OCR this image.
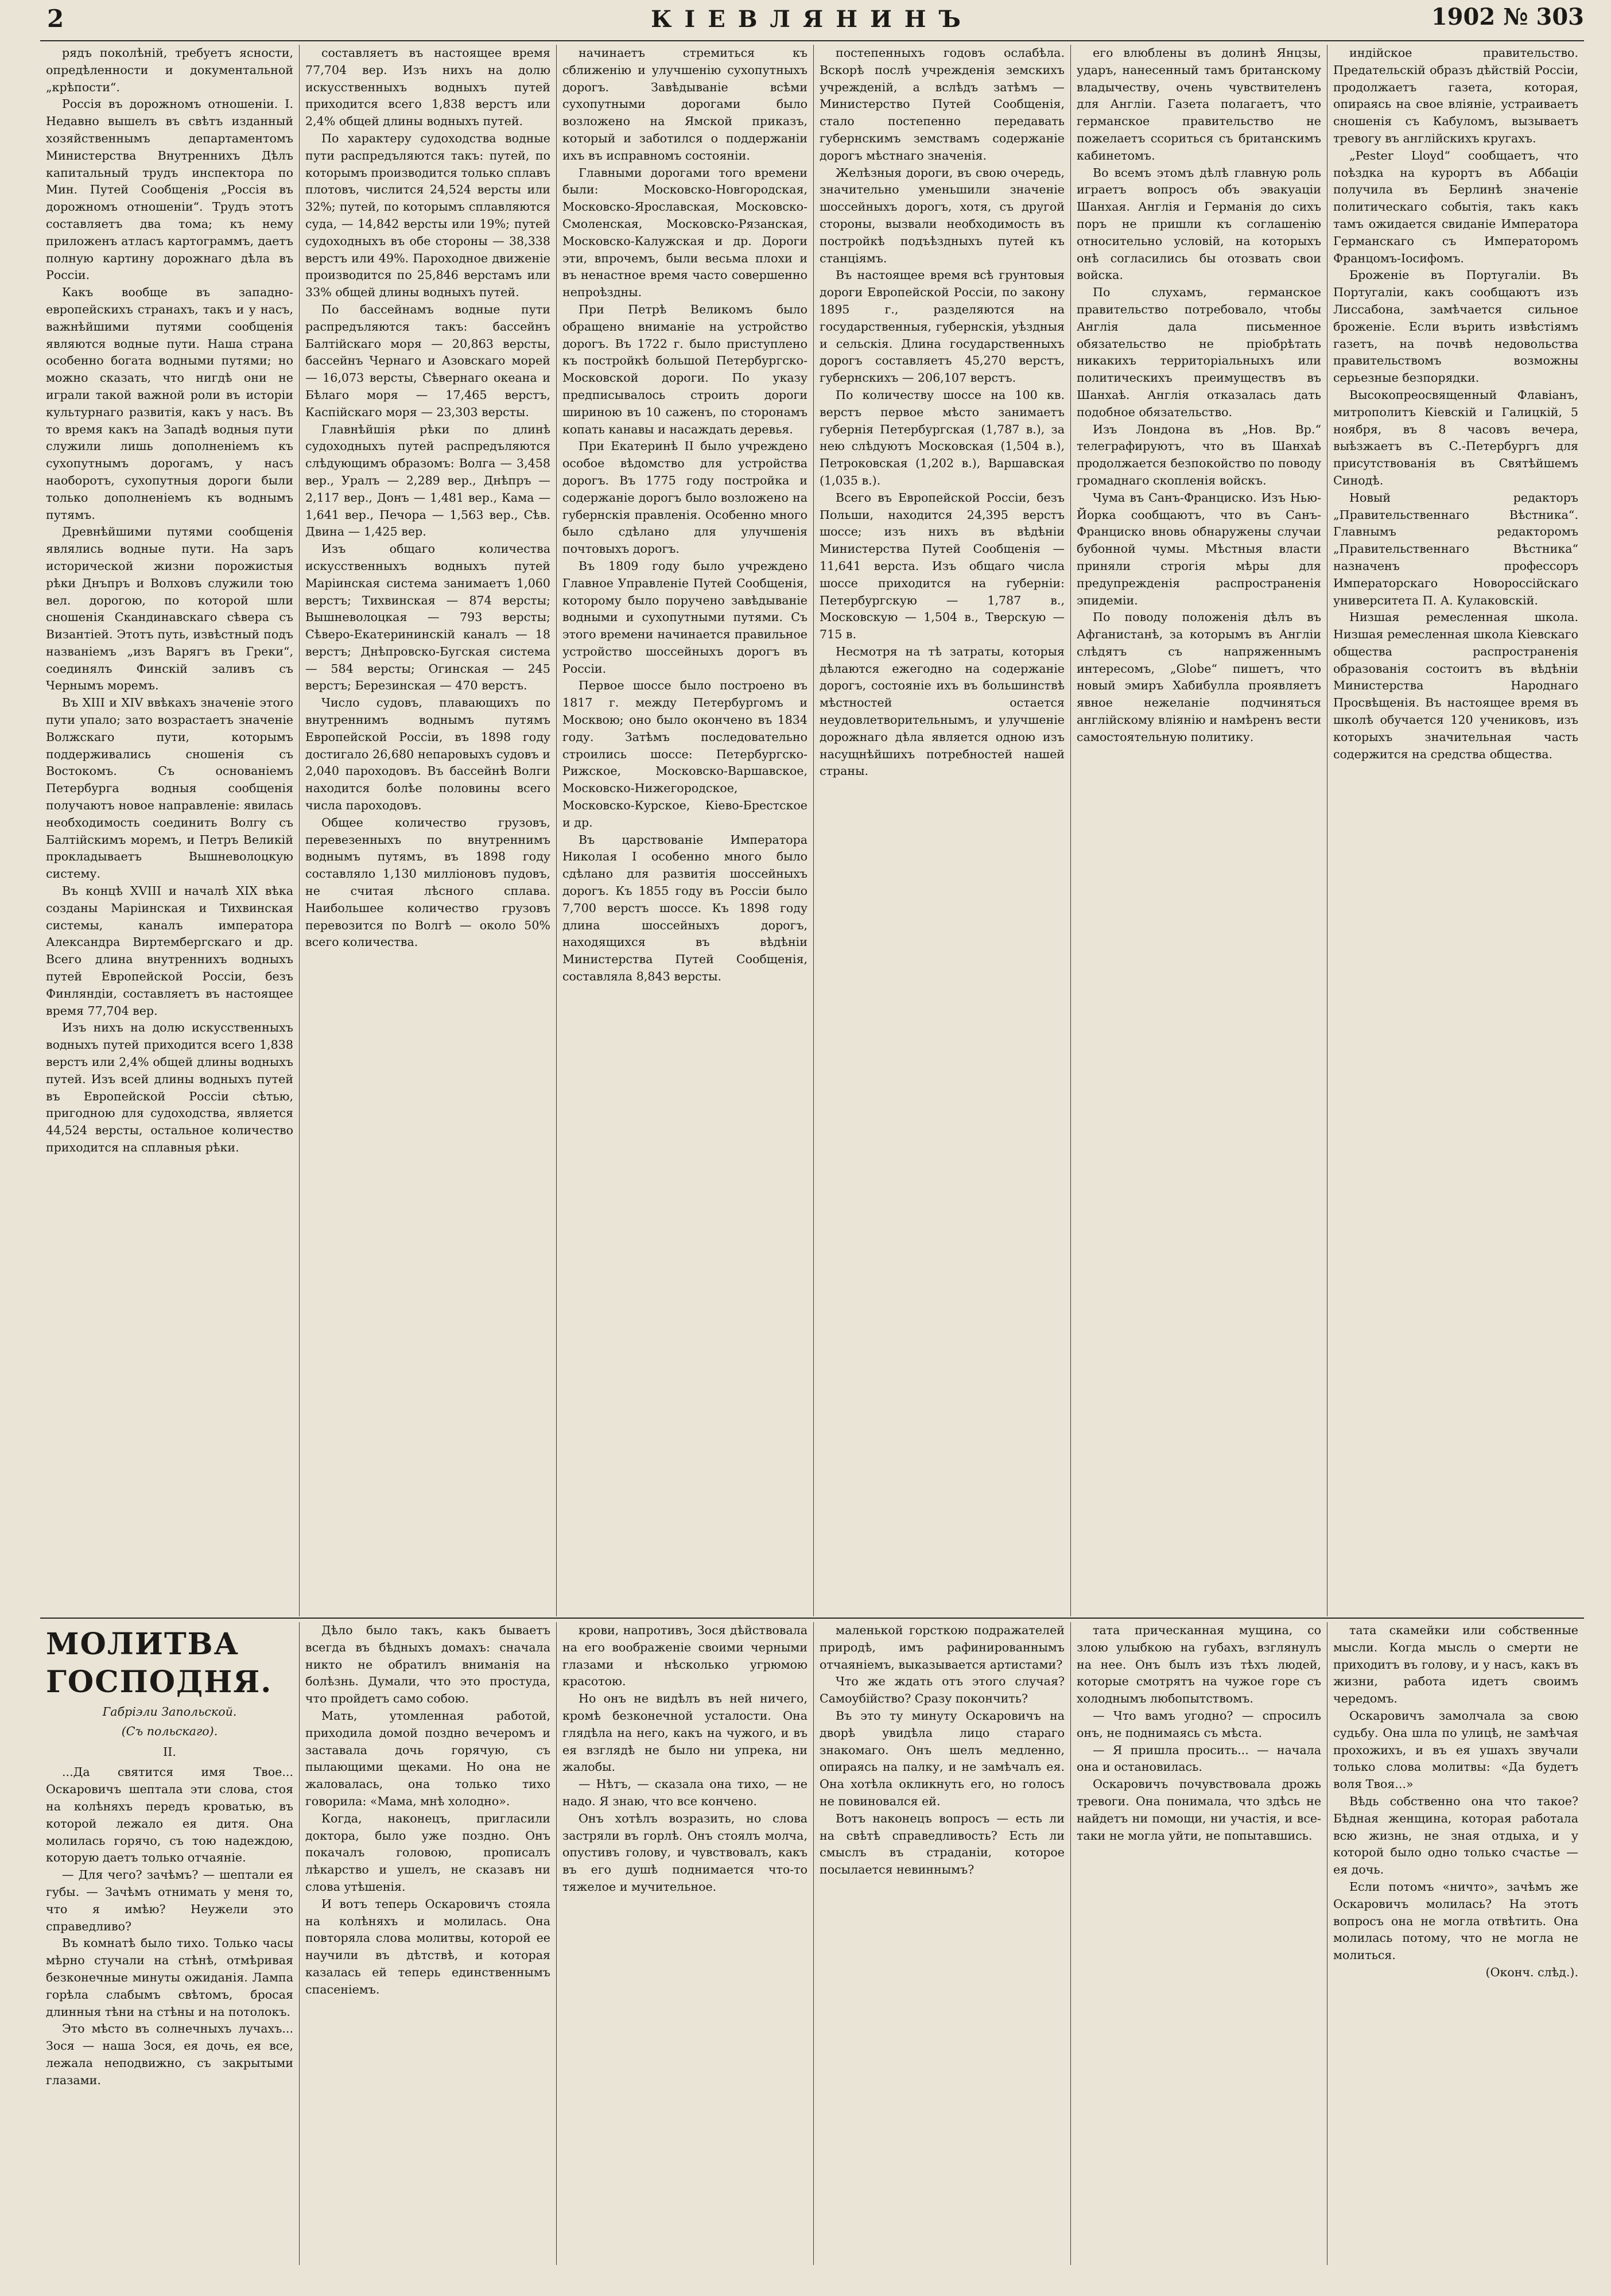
2	КІЕВЛЯНИНЪ	1902 № 303

рядъ поколѣній, требуетъ ясности, опредѣленности и документальной „крѣпости“.

Россія въ дорожномъ отношеніи. I. Недавно вышелъ въ свѣтъ изданный хозяйственнымъ департаментомъ Министерства Внутреннихъ Дѣлъ капитальный трудъ инспектора по Мин. Путей Сообщенія „Россія въ дорожномъ отношеніи“. Трудъ этотъ составляетъ два тома; къ нему приложенъ атласъ картограммъ, даетъ полную картину дорожнаго дѣла въ Россіи.

Какъ вообще въ западно-европейскихъ странахъ, такъ и у насъ, важнѣйшими путями сообщенія являются водные пути. Наша страна особенно богата водными путями; но можно сказать, что нигдѣ они не играли такой важной роли въ исторіи культурнаго развитія, какъ у насъ. Въ то время какъ на Западѣ водныя пути служили лишь дополненіемъ къ сухопутнымъ дорогамъ, у насъ наоборотъ, сухопутныя дороги были только дополненіемъ къ воднымъ путямъ.

Древнѣйшими путями сообщенія являлись водные пути. На заръ исторической жизни порожистыя рѣки Днъпръ и Волховъ служили тою вел. дорогою, по которой шли сношенія Скандинавскаго сѣвера съ Византіей. Этотъ путь, извѣстный подъ названіемъ „изъ Варягъ въ Греки“, соединялъ Финскій заливъ съ Чернымъ моремъ.

Въ XIII и XIV ввѣкахъ значеніе этого пути упало; зато возрастаетъ значеніе Волжскаго пути, которымъ поддерживались сношенія съ Востокомъ. Съ основаніемъ Петербурга водныя сообщенія получаютъ новое направленіе: явилась необходимость соединить Волгу съ Балтійскимъ моремъ, и Петръ Великій прокладываетъ Вышневолоцкую систему.

Въ концѣ XVIII и началѣ XIX вѣка созданы Маріинская и Тихвинская системы, каналъ императора Александра Виртембергскаго и др. Всего длина внутреннихъ водныхъ путей Европейской Россіи, безъ Финляндіи, составляетъ въ настоящее время 77,704 вер.

Изъ нихъ на долю искусственныхъ водныхъ путей приходится всего 1,838 верстъ или 2,4% общей длины водныхъ путей. Изъ всей длины водныхъ путей въ Европейской Россіи сѣтью, пригодною для судоходства, является 44,524 версты, остальное количество приходится на сплавныя рѣки.

составляетъ въ настоящее время 77,704 вер. Изъ нихъ на долю искусственныхъ водныхъ путей приходится всего 1,838 верстъ или 2,4% общей длины водныхъ путей.

По характеру судоходства водные пути распредъляются такъ: путей, по которымъ производится только сплавъ плотовъ, числится 24,524 версты или 32%; путей, по которымъ сплавляются суда, — 14,842 версты или 19%; путей судоходныхъ въ обе стороны — 38,338 верстъ или 49%. Пароходное движеніе производится по 25,846 верстамъ или 33% общей длины водныхъ путей.

По бассейнамъ водные пути распредъляются такъ: бассейнъ Балтійскаго моря — 20,863 версты, бассейнъ Чернаго и Азовскаго морей — 16,073 версты, Сѣвернаго океана и Бѣлаго моря — 17,465 верстъ, Каспійскаго моря — 23,303 версты.

Главнѣйшія рѣки по длинѣ судоходныхъ путей распредъляются слѣдующимъ образомъ: Волга — 3,458 вер., Уралъ — 2,289 вер., Днѣпръ — 2,117 вер., Донъ — 1,481 вер., Кама — 1,641 вер., Печора — 1,563 вер., Сѣв. Двина — 1,425 вер.

Изъ общаго количества искусственныхъ водныхъ путей Маріинская система занимаетъ 1,060 верстъ; Тихвинская — 874 версты; Вышневолоцкая — 793 версты; Сѣверо-Екатерининскій каналъ — 18 верстъ; Днѣпровско-Бугская система — 584 версты; Огинская — 245 верстъ; Березинская — 470 верстъ.

Число судовъ, плавающихъ по внутреннимъ воднымъ путямъ Европейской Россіи, въ 1898 году достигало 26,680 непаровыхъ судовъ и 2,040 пароходовъ. Въ бассейнѣ Волги находится болѣе половины всего числа пароходовъ.

Общее количество грузовъ, перевезенныхъ по внутреннимъ воднымъ путямъ, въ 1898 году составляло 1,130 милліоновъ пудовъ, не считая лѣсного сплава. Наибольшее количество грузовъ перевозится по Волгѣ — около 50% всего количества.

начинаетъ стремиться къ сближенію и улучшенію сухопутныхъ дорогъ. Завѣдываніе всѣми сухопутными дорогами было возложено на Ямской приказъ, который и заботился о поддержаніи ихъ въ исправномъ состояніи.

Главными дорогами того времени были: Московско-Новгородская, Московско-Ярославская, Московско-Смоленская, Московско-Рязанская, Московско-Калужская и др. Дороги эти, впрочемъ, были весьма плохи и въ ненастное время часто совершенно непроѣздны.

При Петрѣ Великомъ было обращено вниманіе на устройство дорогъ. Въ 1722 г. было приступлено къ постройкѣ большой Петербургско-Московской дороги. По указу предписывалось строить дороги шириною въ 10 саженъ, по сторонамъ копать канавы и насаждать деревья.

При Екатеринѣ II было учреждено особое вѣдомство для устройства дорогъ. Въ 1775 году постройка и содержаніе дорогъ было возложено на губернскія правленія. Особенно много было сдѣлано для улучшенія почтовыхъ дорогъ.

Въ 1809 году было учреждено Главное Управленіе Путей Сообщенія, которому было поручено завѣдываніе водными и сухопутными путями. Съ этого времени начинается правильное устройство шоссейныхъ дорогъ въ Россіи.

Первое шоссе было построено въ 1817 г. между Петербургомъ и Москвою; оно было окончено въ 1834 году. Затѣмъ последовательно строились шоссе: Петербургско-Рижское, Московско-Варшавское, Московско-Нижегородское, Московско-Курское, Кіево-Брестское и др.

Въ царствованіе Императора Николая I особенно много было сдѣлано для развитія шоссейныхъ дорогъ. Къ 1855 году въ Россіи было 7,700 верстъ шоссе. Къ 1898 году длина шоссейныхъ дорогъ, находящихся въ вѣдѣніи Министерства Путей Сообщенія, составляла 8,843 версты.

постепенныхъ годовъ ослабѣла. Вскорѣ послѣ учрежденія земскихъ учрежденій, а вслѣдъ затѣмъ — Министерство Путей Сообщенія, стало постепенно передавать губернскимъ земствамъ содержаніе дорогъ мѣстнаго значенія.

Желѣзныя дороги, въ свою очередь, значительно уменьшили значеніе шоссейныхъ дорогъ, хотя, съ другой стороны, вызвали необходимость въ постройкѣ подъѣздныхъ путей къ станціямъ.

Въ настоящее время всѣ грунтовыя дороги Европейской Россіи, по закону 1895 г., разделяются на государственныя, губернскія, уѣздныя и сельскія. Длина государственныхъ дорогъ составляетъ 45,270 верстъ, губернскихъ — 206,107 верстъ.

По количеству шоссе на 100 кв. верстъ первое мѣсто занимаетъ губернія Петербургская (1,787 в.), за нею слѣдуютъ Московская (1,504 в.), Петроковская (1,202 в.), Варшавская (1,035 в.).

Всего въ Европейской Россіи, безъ Польши, находится 24,395 верстъ шоссе; изъ нихъ въ вѣдѣніи Министерства Путей Сообщенія — 11,641 верста. Изъ общаго числа шоссе приходится на губерніи: Петербургскую — 1,787 в., Московскую — 1,504 в., Тверскую — 715 в.

Несмотря на тѣ затраты, которыя дѣлаются ежегодно на содержаніе дорогъ, состояніе ихъ въ большинствѣ мѣстностей остается неудовлетворительнымъ, и улучшеніе дорожнаго дѣла является одною изъ насущнѣйшихъ потребностей нашей страны.

его влюблены въ долинѣ Янцзы, ударъ, нанесенный тамъ британскому владычеству, очень чувствителенъ для Англіи. Газета полагаетъ, что германское правительство не пожелаетъ ссориться съ британскимъ кабинетомъ.

Во всемъ этомъ дѣлѣ главную роль играетъ вопросъ объ эвакуаціи Шанхая. Англія и Германія до сихъ поръ не пришли къ соглашенію относительно условій, на которыхъ онѣ согласились бы отозвать свои войска.

По слухамъ, германское правительство потребовало, чтобы Англія дала письменное обязательство не пріобрѣтать никакихъ территоріальныхъ или политическихъ преимуществъ въ Шанхаѣ. Англія отказалась дать подобное обязательство.

Изъ Лондона въ „Нов. Вр.“ телеграфируютъ, что въ Шанхаѣ продолжается безпокойство по поводу громаднаго скопленія войскъ.

Чума въ Санъ-Франциско. Изъ Нью-Йорка сообщаютъ, что въ Санъ-Франциско вновь обнаружены случаи бубонной чумы. Мѣстныя власти приняли строгія мѣры для предупрежденія распространенія эпидеміи.

По поводу положенія дѣлъ въ Афганистанѣ, за которымъ въ Англіи слѣдятъ съ напряженнымъ интересомъ, „Globe“ пишетъ, что новый эмиръ Хабибулла проявляетъ явное нежеланіе подчиняться англійскому вліянію и намѣренъ вести самостоятельную политику.

индійское правительство. Предательскій образъ дѣйствій Россіи, продолжаетъ газета, которая, опираясь на свое вліяніе, устраиваетъ сношенія съ Кабуломъ, вызываетъ тревогу въ англійскихъ кругахъ.

„Pester Lloyd“ сообщаетъ, что поѣздка на курортъ въ Аббаціи получила въ Берлинѣ значеніе политическаго событія, такъ какъ тамъ ожидается свиданіе Императора Германскаго съ Императоромъ Францомъ-Іосифомъ.

Броженіе въ Португаліи. Въ Португаліи, какъ сообщаютъ изъ Лиссабона, замѣчается сильное броженіе. Если върить извѣстіямъ газетъ, на почвѣ недовольства правительствомъ возможны серьезные безпорядки.

Высокопреосвященный Флавіанъ, митрополитъ Кіевскій и Галицкій, 5 ноября, въ 8 часовъ вечера, выѣзжаетъ въ С.-Петербургъ для присутствованія въ Святѣйшемъ Синодѣ.

Новый редакторъ „Правительственнаго Вѣстника“. Главнымъ редакторомъ „Правительственнаго Вѣстника“ назначенъ профессоръ Императорскаго Новороссійскаго университета П. А. Кулаковскій.

Низшая ремесленная школа. Низшая ремесленная школа Кіевскаго общества распространенія образованія состоитъ въ вѣдѣніи Министерства Народнаго Просвѣщенія. Въ настоящее время въ школѣ обучается 120 учениковъ, изъ которыхъ значительная часть содержится на средства общества.

МОЛИТВА ГОСПОДНЯ.
Габріэли Запольской.
(Съ польскаго).
II.

...Да святится имя Твое... Оскаровичъ шептала эти слова, стоя на колѣняхъ передъ кроватью, въ которой лежало ея дитя. Она молилась горячо, съ тою надеждою, которую даетъ только отчаяніе.

— Для чего? зачѣмъ? — шептали ея губы. — Зачѣмъ отнимать у меня то, что я имѣю? Неужели это справедливо?

Въ комнатѣ было тихо. Только часы мѣрно стучали на стѣнѣ, отмѣривая безконечные минуты ожиданія. Лампа горѣла слабымъ свѣтомъ, бросая длинныя тѣни на стѣны и на потолокъ.

Это мѣсто въ солнечныхъ лучахъ... Зося — наша Зося, ея дочь, ея все, лежала неподвижно, съ закрытыми глазами.

Дѣло было такъ, какъ бываетъ всегда въ бѣдныхъ домахъ: сначала никто не обратилъ вниманія на болѣзнь. Думали, что это простуда, что пройдетъ само собою.

Мать, утомленная работой, приходила домой поздно вечеромъ и заставала дочь горячую, съ пылающими щеками. Но она не жаловалась, она только тихо говорила: «Мама, мнѣ холодно».

Когда, наконецъ, пригласили доктора, было уже поздно. Онъ покачалъ головою, прописалъ лѣкарство и ушелъ, не сказавъ ни слова утѣшенія.

И вотъ теперь Оскаровичъ стояла на колѣняхъ и молилась. Она повторяла слова молитвы, которой ее научили въ дѣтствѣ, и которая казалась ей теперь единственнымъ спасеніемъ.

крови, напротивъ, Зося дѣйствовала на его воображеніе своими черными глазами и нѣсколько угрюмою красотою.

Но онъ не видѣлъ въ ней ничего, кромѣ безконечной усталости. Она глядѣла на него, какъ на чужого, и въ ея взглядѣ не было ни упрека, ни жалобы.

— Нѣтъ, — сказала она тихо, — не надо. Я знаю, что все кончено.

Онъ хотѣлъ возразить, но слова застряли въ горлѣ. Онъ стоялъ молча, опустивъ голову, и чувствовалъ, какъ въ его душѣ поднимается что-то тяжелое и мучительное.

маленькой горсткою подражателей природѣ, имъ рафинированнымъ отчаяніемъ, выказывается артистами?

Что же ждать отъ этого случая? Самоубійство? Сразу покончить?

Въ это ту минуту Оскаровичъ на дворѣ увидѣла лицо стараго знакомаго. Онъ шелъ медленно, опираясь на палку, и не замѣчалъ ея. Она хотѣла окликнуть его, но голосъ не повиновался ей.

Вотъ наконецъ вопросъ — есть ли на свѣтѣ справедливость? Есть ли смыслъ въ страданіи, которое посылается невиннымъ?

тата прическанная мущина, со злою улыбкою на губахъ, взглянулъ на нее. Онъ былъ изъ тѣхъ людей, которые смотрятъ на чужое горе съ холоднымъ любопытствомъ.

— Что вамъ угодно? — спросилъ онъ, не поднимаясь съ мѣста.

— Я пришла просить... — начала она и остановилась.

Оскаровичъ почувствовала дрожь тревоги. Она понимала, что здѣсь не найдетъ ни помощи, ни участія, и все-таки не могла уйти, не попытавшись.

тата скамейки или собственные мысли. Когда мысль о смерти не приходитъ въ голову, и у насъ, какъ въ жизни, работа идетъ своимъ чередомъ.

Оскаровичъ замолчала за свою судьбу. Она шла по улицѣ, не замѣчая прохожихъ, и въ ея ушахъ звучали только слова молитвы: «Да будетъ воля Твоя...»

Вѣдь собственно она что такое? Бѣдная женщина, которая работала всю жизнь, не зная отдыха, и у которой было одно только счастье — ея дочь.

Если потомъ «ничто», зачѣмъ же Оскаровичъ молилась? На этотъ вопросъ она не могла отвѣтить. Она молилась потому, что не могла не молиться.

(Оконч. слѣд.).
